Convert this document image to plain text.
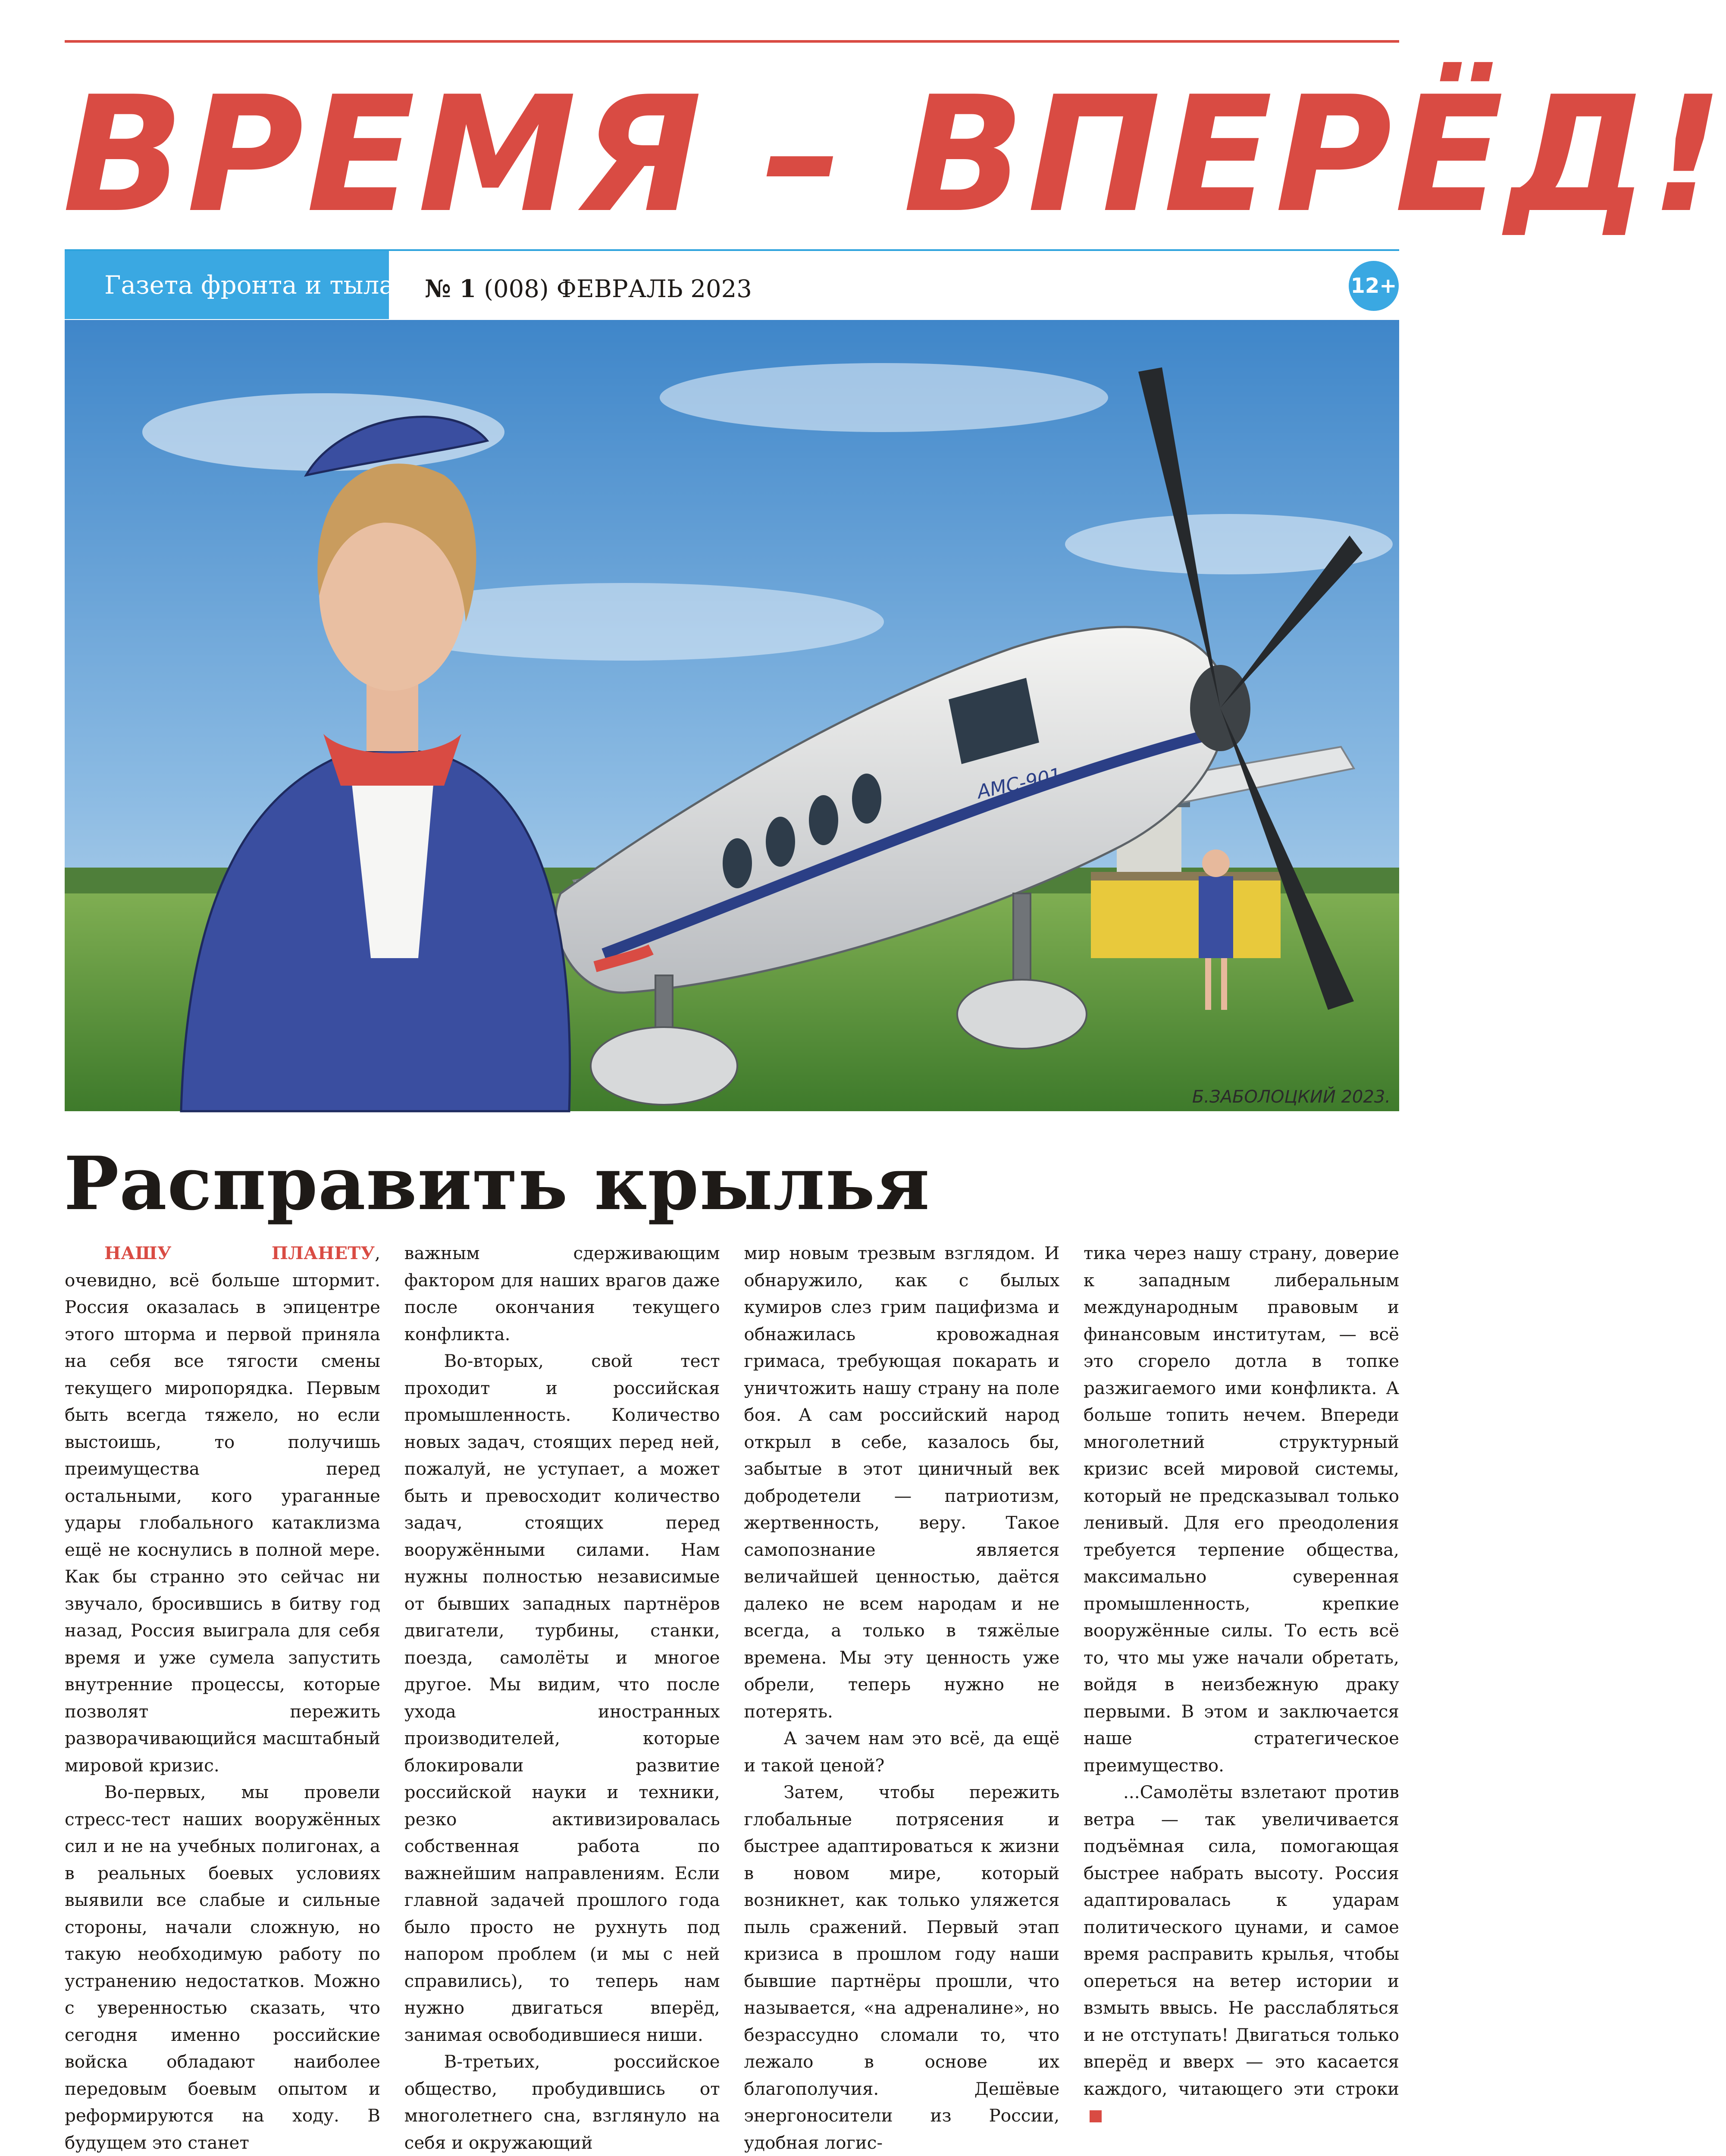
ВРЕМЯ – ВПЕРЁД!
Газета фронта и тыла № 1 (008) ФЕВРАЛЬ 2023	12+
АМС-901
Б.ЗАБОЛОЦКИЙ 2023.
Расправить крылья

НАШУ ПЛАНЕТУ, очевидно, всё больше штормит. Россия оказалась в эпицентре этого шторма и первой приняла на себя все тягости смены текущего миропорядка. Первым быть всегда тяжело, но если выстоишь, то получишь преимущества перед остальными, кого ураганные удары глобального катаклизма ещё не коснулись в полной мере. Как бы странно это сейчас ни звучало, бросившись в битву год назад, Россия выиграла для себя время и уже сумела запустить внутренние процессы, которые позволят пережить разворачивающийся масштабный мировой кризис.

Во-первых, мы провели стресс-тест наших вооружённых сил и не на учебных полигонах, а в реальных боевых условиях выявили все слабые и сильные стороны, начали сложную, но такую необходимую работу по устранению недостатков. Можно с уверенностью сказать, что сегодня именно российские войска обладают наиболее передовым боевым опытом и реформируются на ходу. В будущем это станет

важным сдерживающим фактором для наших врагов даже после окончания текущего конфликта.

Во-вторых, свой тест проходит и российская промышленность. Количество новых задач, стоящих перед ней, пожалуй, не уступает, а может быть и превосходит количество задач, стоящих перед вооружёнными силами. Нам нужны полностью независимые от бывших западных партнёров двигатели, турбины, станки, поезда, самолёты и многое другое. Мы видим, что после ухода иностранных производителей, которые блокировали развитие российской науки и техники, резко активизировалась собственная работа по важнейшим направлениям. Если главной задачей прошлого года было просто не рухнуть под напором проблем (и мы с ней справились), то теперь нам нужно двигаться вперёд, занимая освободившиеся ниши.

В-третьих, российское общество, пробудившись от многолетнего сна, взглянуло на себя и окружающий

мир новым трезвым взглядом. И обнаружило, как с былых кумиров слез грим пацифизма и обнажилась кровожадная гримаса, требующая покарать и уничтожить нашу страну на поле боя. А сам российский народ открыл в себе, казалось бы, забытые в этот циничный век добродетели — патриотизм, жертвенность, веру. Такое самопознание является величайшей ценностью, даётся далеко не всем народам и не всегда, а только в тяжёлые времена. Мы эту ценность уже обрели, теперь нужно не потерять.

А зачем нам это всё, да ещё и такой ценой?

Затем, чтобы пережить глобальные потрясения и быстрее адаптироваться к жизни в новом мире, который возникнет, как только уляжется пыль сражений. Первый этап кризиса в прошлом году наши бывшие партнёры прошли, что называется, «на адреналине», но безрассудно сломали то, что лежало в основе их благополучия. Дешёвые энергоносители из России, удобная логис-

тика через нашу страну, доверие к западным либеральным международным правовым и финансовым институтам, — всё это сгорело дотла в топке разжигаемого ими конфликта. А больше топить нечем. Впереди многолетний структурный кризис всей мировой системы, который не предсказывал только ленивый. Для его преодоления требуется терпение общества, максимально суверенная промышленность, крепкие вооружённые силы. То есть всё то, что мы уже начали обретать, войдя в неизбежную драку первыми. В этом и заключается наше стратегическое преимущество.

...Самолёты взлетают против ветра — так увеличивается подъёмная сила, помогающая быстрее набрать высоту. Россия адаптировалась к ударам политического цунами, и самое время расправить крылья, чтобы опереться на ветер истории и взмыть ввысь. Не расслабляться и не отступать! Двигаться только вперёд и вверх — это касается каждого, читающего эти строки
